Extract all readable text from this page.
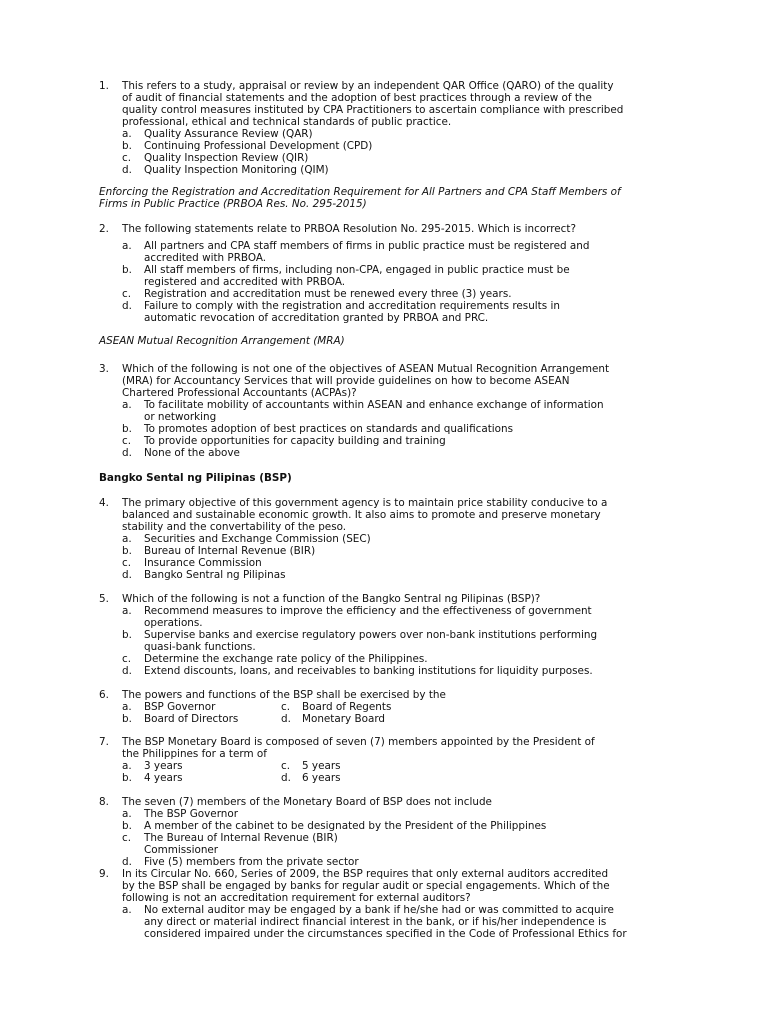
1. This refers to a study, appraisal or review by an independent QAR Office (QARO) of the quality
of audit of financial statements and the adoption of best practices through a review of the
quality control measures instituted by CPA Practitioners to ascertain compliance with prescribed
professional, ethical and technical standards of public practice.
a. Quality Assurance Review (QAR)
b. Continuing Professional Development (CPD)
c. Quality Inspection Review (QIR)
d. Quality Inspection Monitoring (QIM)
Enforcing the Registration and Accreditation Requirement for All Partners and CPA Staff Members of
Firms in Public Practice (PRBOA Res. No. 295-2015)
2. The following statements relate to PRBOA Resolution No. 295-2015. Which is incorrect?
a. All partners and CPA staff members of firms in public practice must be registered and
accredited with PRBOA.
b. All staff members of firms, including non-CPA, engaged in public practice must be
registered and accredited with PRBOA.
c. Registration and accreditation must be renewed every three (3) years.
d. Failure to comply with the registration and accreditation requirements results in
automatic revocation of accreditation granted by PRBOA and PRC.
ASEAN Mutual Recognition Arrangement (MRA)
3. Which of the following is not one of the objectives of ASEAN Mutual Recognition Arrangement
(MRA) for Accountancy Services that will provide guidelines on how to become ASEAN
Chartered Professional Accountants (ACPAs)?
a. To facilitate mobility of accountants within ASEAN and enhance exchange of information
or networking
b. To promotes adoption of best practices on standards and qualifications
c. To provide opportunities for capacity building and training
d. None of the above
Bangko Sental ng Pilipinas (BSP)
4. The primary objective of this government agency is to maintain price stability conducive to a
balanced and sustainable economic growth. It also aims to promote and preserve monetary
stability and the convertability of the peso.
a. Securities and Exchange Commission (SEC)
b. Bureau of Internal Revenue (BIR)
c. Insurance Commission
d. Bangko Sentral ng Pilipinas
5. Which of the following is not a function of the Bangko Sentral ng Pilipinas (BSP)?
a. Recommend measures to improve the efficiency and the effectiveness of government
operations.
b. Supervise banks and exercise regulatory powers over non-bank institutions performing
quasi-bank functions.
c. Determine the exchange rate policy of the Philippines.
d. Extend discounts, loans, and receivables to banking institutions for liquidity purposes.
6. The powers and functions of the BSP shall be exercised by the
a. BSP Governor	c. Board of Regents
b. Board of Directors	d. Monetary Board
7. The BSP Monetary Board is composed of seven (7) members appointed by the President of
the Philippines for a term of
a. 3 years	c. 5 years
b. 4 years	d. 6 years
8. The seven (7) members of the Monetary Board of BSP does not include
a. The BSP Governor
b. A member of the cabinet to be designated by the President of the Philippines
c. The Bureau of Internal Revenue (BIR)
Commissioner
d. Five (5) members from the private sector
9. In its Circular No. 660, Series of 2009, the BSP requires that only external auditors accredited
by the BSP shall be engaged by banks for regular audit or special engagements. Which of the
following is not an accreditation requirement for external auditors?
a. No external auditor may be engaged by a bank if he/she had or was committed to acquire
any direct or material indirect financial interest in the bank, or if his/her independence is
considered impaired under the circumstances specified in the Code of Professional Ethics for
